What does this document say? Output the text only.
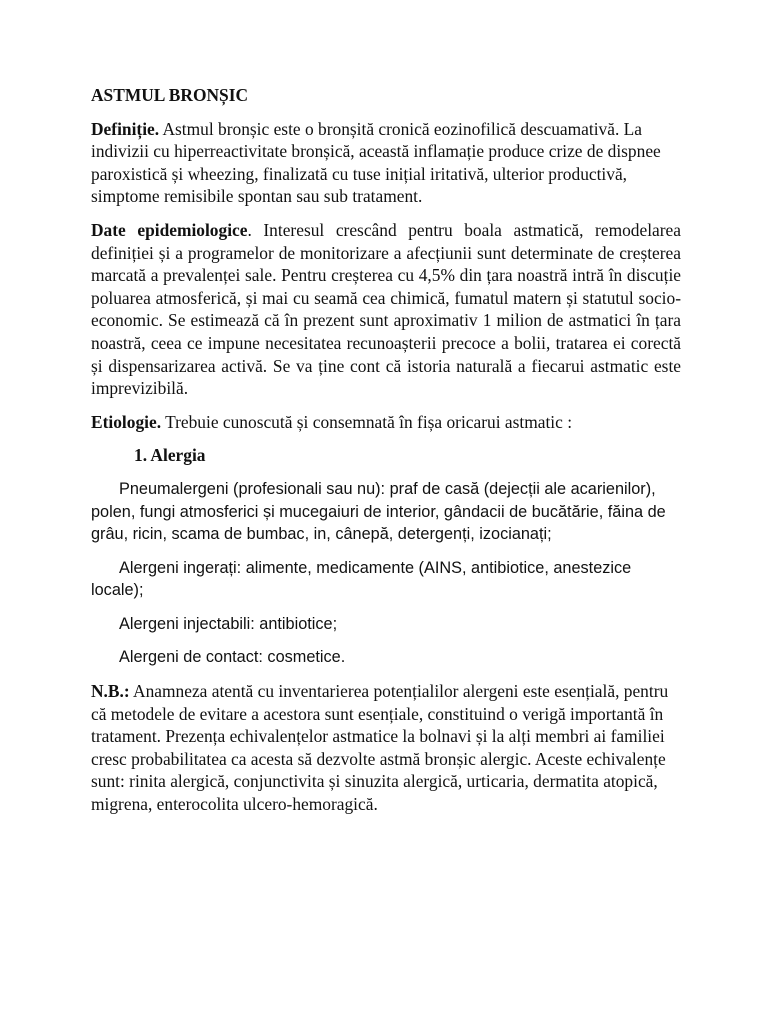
ASTMUL BRONȘIC

Definiție. Astmul bronșic este o bronșită cronică eozinofilică descuamativă. La indivizii cu hiperreactivitate bronșică, această inflamație produce crize de dispnee paroxistică și wheezing, finalizată cu tuse inițial iritativă, ulterior productivă, simptome remisibile spontan sau sub tratament.

Date epidemiologice. Interesul crescând pentru boala astmatică, remodelarea definiției și a programelor de monitorizare a afecțiunii sunt determinate de creșterea marcată a prevalenței sale. Pentru creșterea cu 4,5% din țara noastră intră în discuție poluarea atmosferică, și mai cu seamă cea chimică, fumatul matern și statutul socio-economic. Se estimează că în prezent sunt aproximativ 1 milion de astmatici în țara noastră, ceea ce impune necesitatea recunoașterii precoce a bolii, tratarea ei corectă și dispensarizarea activă. Se va ține cont că istoria naturală a fiecarui astmatic este imprevizibilă.

Etiologie. Trebuie cunoscută și consemnată în fișa oricarui astmatic :

1. Alergia

Pneumalergeni (profesionali sau nu): praf de casă (dejecții ale acarienilor), polen, fungi atmosferici și mucegaiuri de interior, gândacii de bucătărie, făina de grâu, ricin, scama de bumbac, in, cânepă, detergenți, izocianați;

Alergeni ingerați: alimente, medicamente (AINS, antibiotice, anestezice locale);

Alergeni injectabili: antibiotice;

Alergeni de contact: cosmetice.

N.B.: Anamneza atentă cu inventarierea potențialilor alergeni este esențială, pentru că metodele de evitare a acestora sunt esențiale, constituind o verigă importantă în tratament. Prezența echivalențelor astmatice la bolnavi și la alți membri ai familiei cresc probabilitatea ca acesta să dezvolte astmă bronșic alergic. Aceste echivalențe sunt: rinita alergică, conjunctivita și sinuzita alergică, urticaria, dermatita atopică, migrena, enterocolita ulcero-hemoragică.
